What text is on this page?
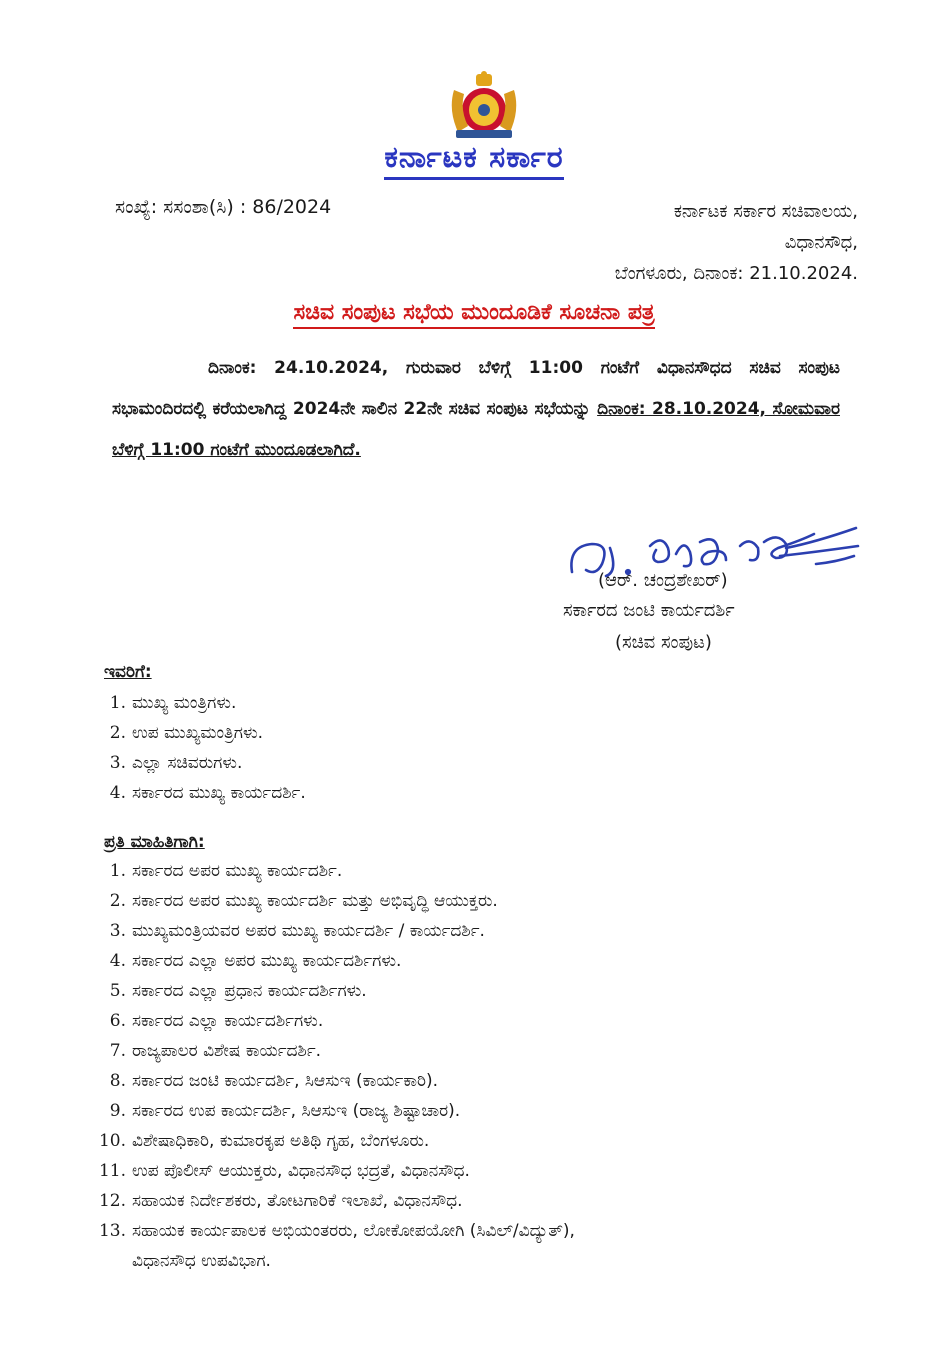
ಕರ್ನಾಟಕ ಸರ್ಕಾರ
ಸಂಖ್ಯೆ: ಸಸಂಶಾ(ಸಿ) : 86/2024	ಕರ್ನಾಟಕ ಸರ್ಕಾರ ಸಚಿವಾಲಯ,
ವಿಧಾನಸೌಧ,
ಬೆಂಗಳೂರು, ದಿನಾಂಕ: 21.10.2024.
ಸಚಿವ ಸಂಪುಟ ಸಭೆಯ ಮುಂದೂಡಿಕೆ ಸೂಚನಾ ಪತ್ರ
ದಿನಾಂಕ: 24.10.2024, ಗುರುವಾರ ಬೆಳಿಗ್ಗೆ 11:00 ಗಂಟೆಗೆ ವಿಧಾನಸೌಧದ ಸಚಿವ ಸಂಪುಟ ಸಭಾಮಂದಿರದಲ್ಲಿ ಕರೆಯಲಾಗಿದ್ದ 2024ನೇ ಸಾಲಿನ 22ನೇ ಸಚಿವ ಸಂಪುಟ ಸಭೆಯನ್ನು ದಿನಾಂಕ: 28.10.2024, ಸೋಮವಾರ ಬೆಳಿಗ್ಗೆ 11:00 ಗಂಟೆಗೆ ಮುಂದೂಡಲಾಗಿದೆ.
(ಆರ್. ಚಂದ್ರಶೇಖರ್)
ಸರ್ಕಾರದ ಜಂಟಿ ಕಾರ್ಯದರ್ಶಿ
(ಸಚಿವ ಸಂಪುಟ)
ಇವರಿಗೆ:
1. ಮುಖ್ಯ ಮಂತ್ರಿಗಳು.
2. ಉಪ ಮುಖ್ಯಮಂತ್ರಿಗಳು.
3. ಎಲ್ಲಾ ಸಚಿವರುಗಳು.
4. ಸರ್ಕಾರದ ಮುಖ್ಯ ಕಾರ್ಯದರ್ಶಿ.
ಪ್ರತಿ ಮಾಹಿತಿಗಾಗಿ:
1. ಸರ್ಕಾರದ ಅಪರ ಮುಖ್ಯ ಕಾರ್ಯದರ್ಶಿ.
2. ಸರ್ಕಾರದ ಅಪರ ಮುಖ್ಯ ಕಾರ್ಯದರ್ಶಿ ಮತ್ತು ಅಭಿವೃದ್ಧಿ ಆಯುಕ್ತರು.
3. ಮುಖ್ಯಮಂತ್ರಿಯವರ ಅಪರ ಮುಖ್ಯ ಕಾರ್ಯದರ್ಶಿ / ಕಾರ್ಯದರ್ಶಿ.
4. ಸರ್ಕಾರದ ಎಲ್ಲಾ ಅಪರ ಮುಖ್ಯ ಕಾರ್ಯದರ್ಶಿಗಳು.
5. ಸರ್ಕಾರದ ಎಲ್ಲಾ ಪ್ರಧಾನ ಕಾರ್ಯದರ್ಶಿಗಳು.
6. ಸರ್ಕಾರದ ಎಲ್ಲಾ ಕಾರ್ಯದರ್ಶಿಗಳು.
7. ರಾಜ್ಯಪಾಲರ ವಿಶೇಷ ಕಾರ್ಯದರ್ಶಿ.
8. ಸರ್ಕಾರದ ಜಂಟಿ ಕಾರ್ಯದರ್ಶಿ, ಸಿಆಸುಇ (ಕಾರ್ಯಕಾರಿ).
9. ಸರ್ಕಾರದ ಉಪ ಕಾರ್ಯದರ್ಶಿ, ಸಿಆಸುಇ (ರಾಜ್ಯ ಶಿಷ್ಟಾಚಾರ).
10. ವಿಶೇಷಾಧಿಕಾರಿ, ಕುಮಾರಕೃಪ ಅತಿಥಿ ಗೃಹ, ಬೆಂಗಳೂರು.
11. ಉಪ ಪೊಲೀಸ್ ಆಯುಕ್ತರು, ವಿಧಾನಸೌಧ ಭದ್ರತೆ, ವಿಧಾನಸೌಧ.
12. ಸಹಾಯಕ ನಿರ್ದೇಶಕರು, ತೋಟಗಾರಿಕೆ ಇಲಾಖೆ, ವಿಧಾನಸೌಧ.
13. ಸಹಾಯಕ ಕಾರ್ಯಪಾಲಕ ಅಭಿಯಂತರರು, ಲೋಕೋಪಯೋಗಿ (ಸಿವಿಲ್/ವಿದ್ಯುತ್),
ವಿಧಾನಸೌಧ ಉಪವಿಭಾಗ.
